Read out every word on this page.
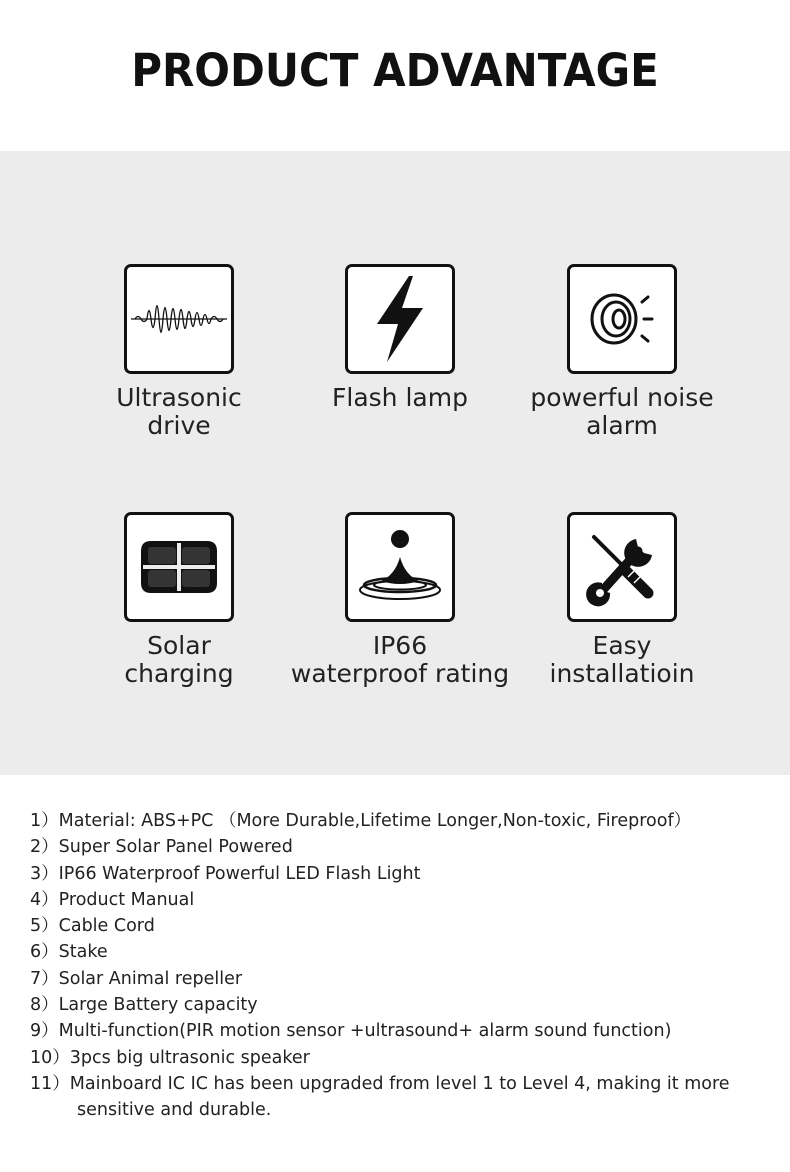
PRODUCT ADVANTAGE
Ultrasonic
drive
Flash lamp	powerful noise
alarm
Solar
charging
IP66
waterproof rating
Easy
installatioin
1）Material: ABS+PC （More Durable,Lifetime Longer,Non-toxic, Fireproof）
2）Super Solar Panel Powered
3）IP66 Waterproof Powerful LED Flash Light
4）Product Manual
5）Cable Cord
6）Stake
7）Solar Animal repeller
8）Large Battery capacity
9）Multi-function(PIR motion sensor +ultrasound+ alarm sound function)
10）3pcs big ultrasonic speaker
11）Mainboard IC IC has been upgraded from level 1 to Level 4, making it more sensitive and durable.
